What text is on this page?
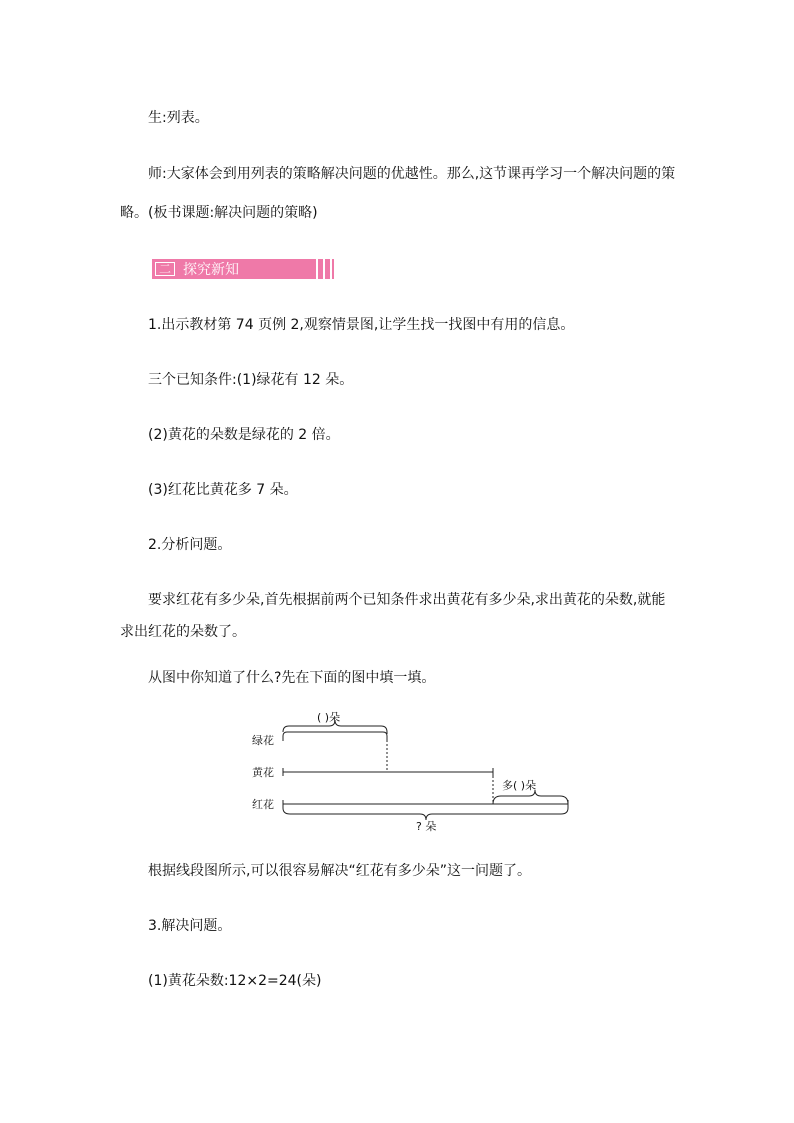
生:列表。
师:大家体会到用列表的策略解决问题的优越性。那么,这节课再学习一个解决问题的策
略。(板书课题:解决问题的策略)
二 探究新知
1.出示教材第 74 页例 2,观察情景图,让学生找一找图中有用的信息。
三个已知条件:(1)绿花有 12 朵。
(2)黄花的朵数是绿花的 2 倍。
(3)红花比黄花多 7 朵。
2.分析问题。
要求红花有多少朵,首先根据前两个已知条件求出黄花有多少朵,求出黄花的朵数,就能
求出红花的朵数了。
从图中你知道了什么?先在下面的图中填一填。
绿花
黄花
红花
( )朵
多( )朵
? 朵
根据线段图所示,可以很容易解决“红花有多少朵”这一问题了。
3.解决问题。
(1)黄花朵数:12×2=24(朵)
